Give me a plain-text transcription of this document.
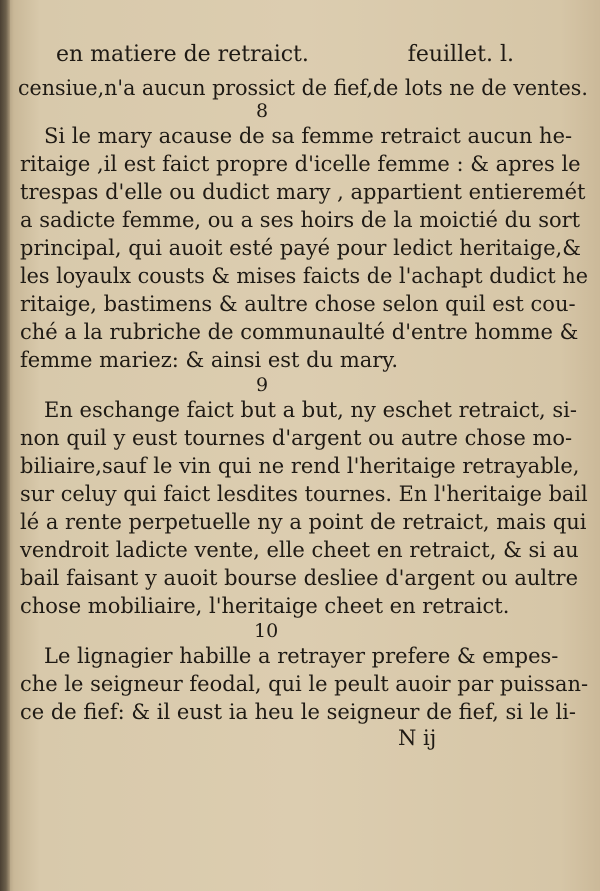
en matiere de retraict.	feuillet. l.
censiue,n'a aucun prossict de fief,de lots ne de ventes.
8
Si le mary acause de sa femme retraict aucun he-
ritaige ,il est faict propre d'icelle femme : & apres le
trespas d'elle ou dudict mary , appartient entieremét
a sadicte femme, ou a ses hoirs de la moictié du sort
principal, qui auoit esté payé pour ledict heritaige,&
les loyaulx cousts & mises faicts de l'achapt dudict he
ritaige, bastimens & aultre chose selon quil est cou-
ché a la rubriche de communaulté d'entre homme &
femme mariez: & ainsi est du mary.
9
En eschange faict but a but, ny eschet retraict, si-
non quil y eust tournes d'argent ou autre chose mo-
biliaire,sauf le vin qui ne rend l'heritaige retrayable,
sur celuy qui faict lesdites tournes. En l'heritaige bail
lé a rente perpetuelle ny a point de retraict, mais qui
vendroit ladicte vente, elle cheet en retraict, & si au
bail faisant y auoit bourse desliee d'argent ou aultre
chose mobiliaire, l'heritaige cheet en retraict.
10
Le lignagier habille a retrayer prefere & empes-
che le seigneur feodal, qui le peult auoir par puissan-
ce de fief: & il eust ia heu le seigneur de fief, si le li-
N ij
